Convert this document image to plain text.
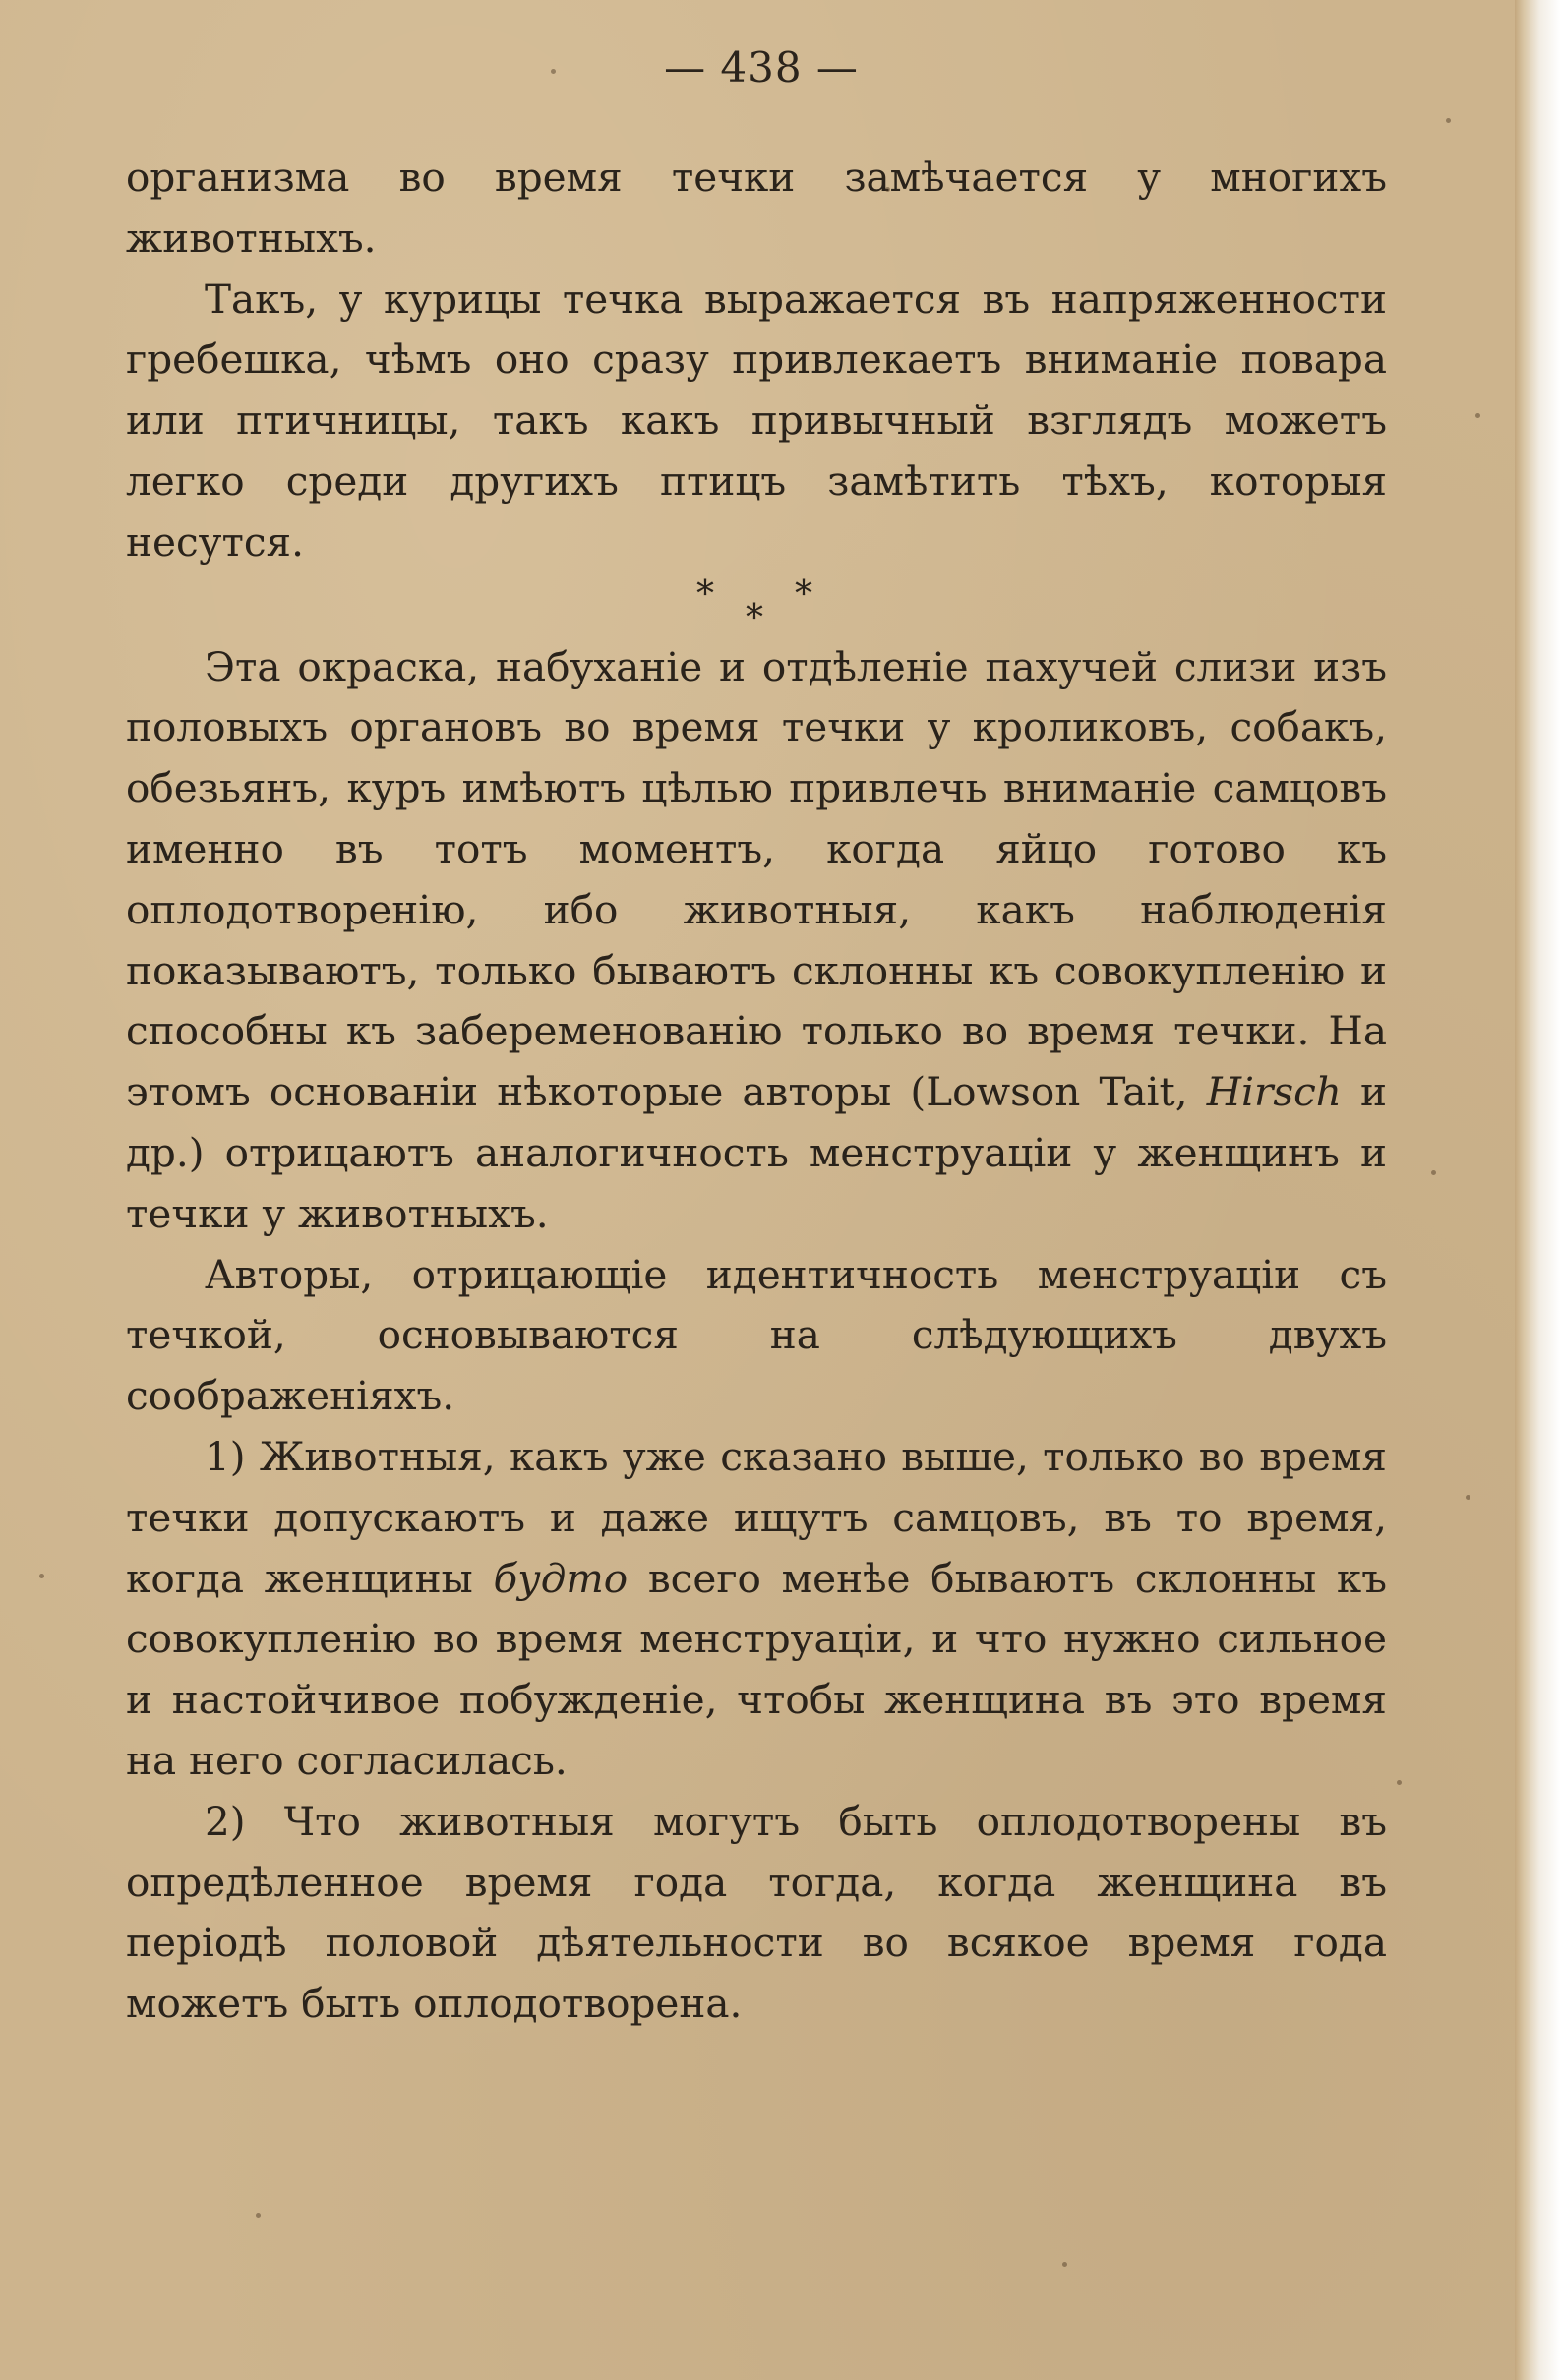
— 438 —

организма во время течки замѣчается у многихъ животныхъ.

Такъ, у курицы течка выражается въ напряженности гребешка, чѣмъ оно сразу привлекаетъ вниманіе повара или птичницы, такъ какъ привычный взглядъ можетъ легко среди другихъ птицъ замѣтить тѣхъ, которыя несутся.

* *
*

Эта окраска, набуханіе и отдѣленіе пахучей слизи изъ половыхъ органовъ во время течки у кроликовъ, собакъ, обезьянъ, куръ имѣютъ цѣлью привлечь вниманіе самцовъ именно въ тотъ моментъ, когда яйцо готово къ оплодотворенію, ибо животныя, какъ наблюденія показываютъ, только бываютъ склонны къ совокупленію и способны къ забеременованію только во время течки. На этомъ основаніи нѣкоторые авторы (Lowson Tait, Hirsch и др.) отрицаютъ аналогичность менструаціи у женщинъ и течки у животныхъ.

Авторы, отрицающіе идентичность менструаціи съ течкой, основываются на слѣдующихъ двухъ соображеніяхъ.

1) Животныя, какъ уже сказано выше, только во время течки допускаютъ и даже ищутъ самцовъ, въ то время, когда женщины будто всего менѣе бываютъ склонны къ совокупленію во время менструаціи, и что нужно сильное и настойчивое побужденіе, чтобы женщина въ это время на него согласилась.

2) Что животныя могутъ быть оплодотворены въ опредѣленное время года тогда, когда женщина въ періодѣ половой дѣятельности во всякое время года можетъ быть оплодотворена.
